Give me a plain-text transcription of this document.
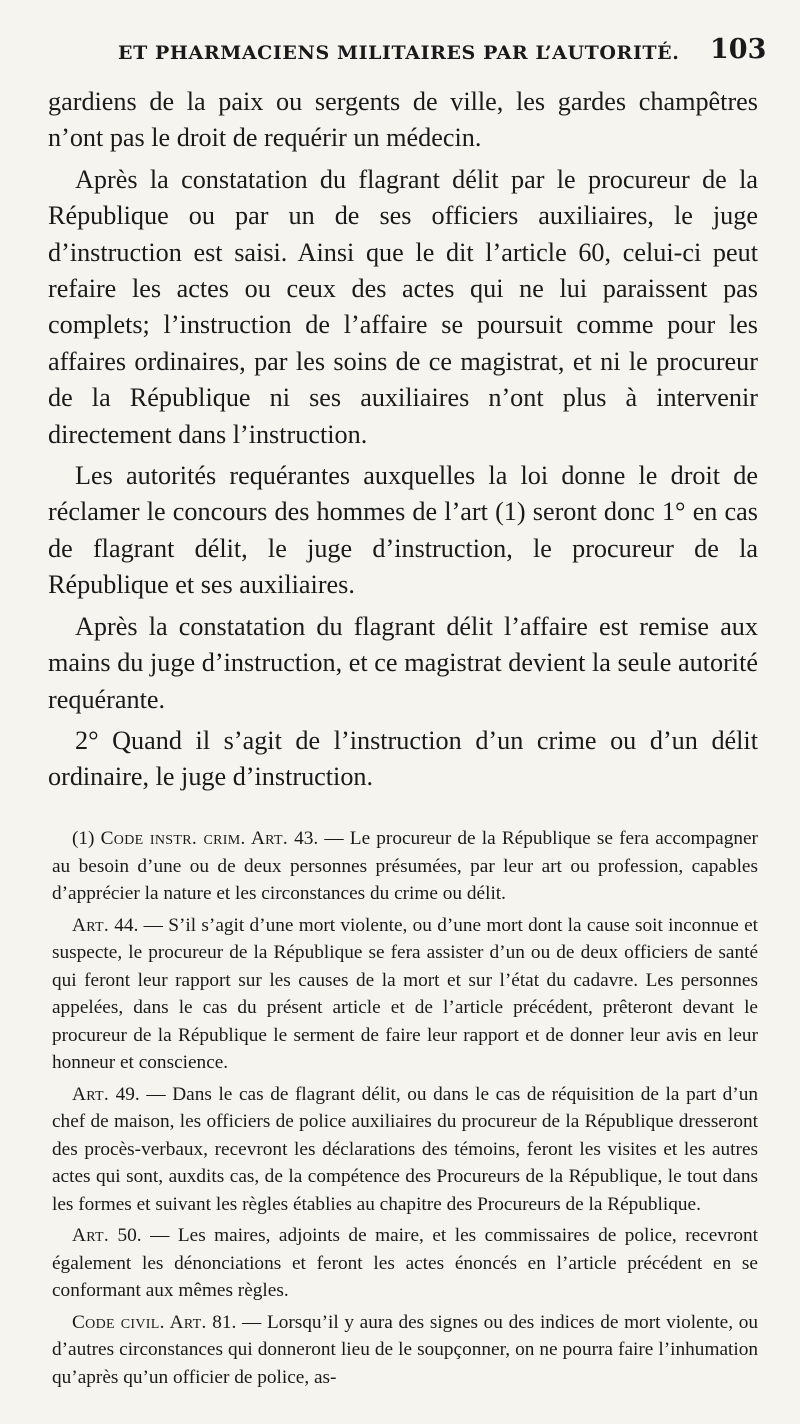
ET PHARMACIENS MILITAIRES PAR L’AUTORITÉ. 103

gardiens de la paix ou sergents de ville, les gardes champêtres n’ont pas le droit de requérir un médecin.

Après la constatation du flagrant délit par le procureur de la République ou par un de ses officiers auxiliaires, le juge d’instruction est saisi. Ainsi que le dit l’article 60, celui-ci peut refaire les actes ou ceux des actes qui ne lui paraissent pas complets; l’instruction de l’affaire se poursuit comme pour les affaires ordinaires, par les soins de ce magistrat, et ni le procureur de la République ni ses auxiliaires n’ont plus à intervenir directement dans l’instruction.

Les autorités requérantes auxquelles la loi donne le droit de réclamer le concours des hommes de l’art (1) seront donc 1° en cas de flagrant délit, le juge d’instruction, le procureur de la République et ses auxiliaires.

Après la constatation du flagrant délit l’affaire est remise aux mains du juge d’instruction, et ce magistrat devient la seule autorité requérante.

2° Quand il s’agit de l’instruction d’un crime ou d’un délit ordinaire, le juge d’instruction.

(1) Code instr. crim. Art. 43. — Le procureur de la République se fera accompagner au besoin d’une ou de deux personnes présumées, par leur art ou profession, capables d’apprécier la nature et les circonstances du crime ou délit.

Art. 44. — S’il s’agit d’une mort violente, ou d’une mort dont la cause soit inconnue et suspecte, le procureur de la République se fera assister d’un ou de deux officiers de santé qui feront leur rapport sur les causes de la mort et sur l’état du cadavre. Les personnes appelées, dans le cas du présent article et de l’article précédent, prêteront devant le procureur de la République le serment de faire leur rapport et de donner leur avis en leur honneur et conscience.

Art. 49. — Dans le cas de flagrant délit, ou dans le cas de réquisition de la part d’un chef de maison, les officiers de police auxiliaires du procureur de la République dresseront des procès-verbaux, recevront les déclarations des témoins, feront les visites et les autres actes qui sont, auxdits cas, de la compétence des Procureurs de la République, le tout dans les formes et suivant les règles établies au chapitre des Procureurs de la République.

Art. 50. — Les maires, adjoints de maire, et les commissaires de police, recevront également les dénonciations et feront les actes énoncés en l’article précédent en se conformant aux mêmes règles.

Code civil. Art. 81. — Lorsqu’il y aura des signes ou des indices de mort violente, ou d’autres circonstances qui donneront lieu de le soupçonner, on ne pourra faire l’inhumation qu’après qu’un officier de police, as-
